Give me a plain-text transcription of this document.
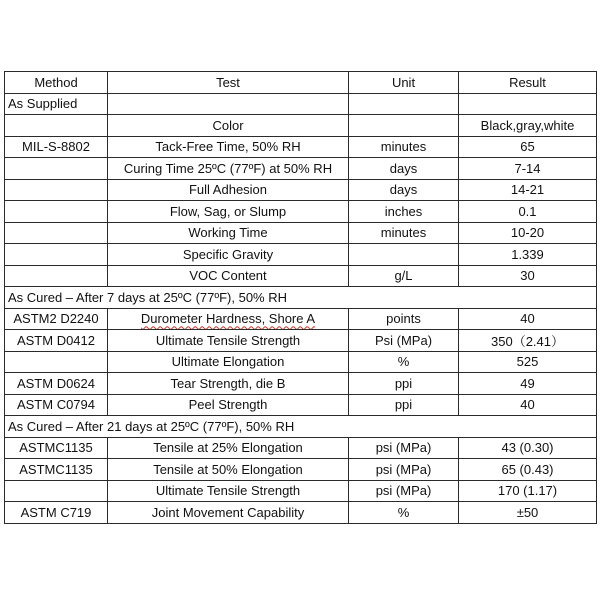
Method	Test	Unit	Result
As Supplied			
	Color		Black,gray,white
MIL-S-8802	Tack-Free Time, 50% RH	minutes	65
	Curing Time 25ºC (77ºF) at 50% RH	days	7-14
	Full Adhesion	days	14-21
	Flow, Sag, or Slump	inches	0.1
	Working Time	minutes	10-20
	Specific Gravity		1.339
	VOC Content	g/L	30
As Cured – After 7 days at 25ºC (77ºF), 50% RH			
ASTM2 D2240	Durometer Hardness, Shore A	points	40
ASTM D0412	Ultimate Tensile Strength	Psi (MPa)	350（2.41）
	Ultimate Elongation	%	525
ASTM D0624	Tear Strength, die B	ppi	49
ASTM C0794	Peel Strength	ppi	40
As Cured – After 21 days at 25ºC (77ºF), 50% RH			
ASTMC1135	Tensile at 25% Elongation	psi (MPa)	43 (0.30)
ASTMC1135	Tensile at 50% Elongation	psi (MPa)	65 (0.43)
	Ultimate Tensile Strength	psi (MPa)	170 (1.17)
ASTM C719	Joint Movement Capability	%	±50
